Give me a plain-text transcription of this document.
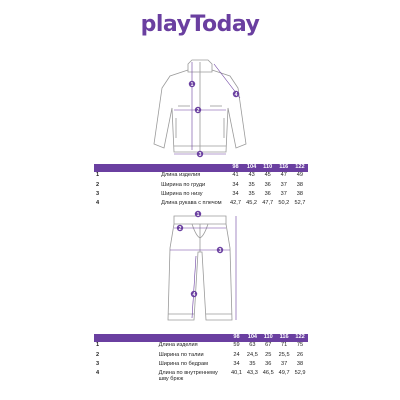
playToday
1
2
3
4
		98	104	110	116	122
1	Длина изделия	41	43	45	47	49
2	Ширина по груди	34	35	36	37	38
3	Ширина по низу	34	35	36	37	38
4	Длина рукава с плечом	42,7	45,2	47,7	50,2	52,7
1
2
3
4
		98	104	110	116	122
1	Длина изделия	59	63	67	71	75
2	Ширина по талии	24	24,5	25	25,5	26
3	Ширина по бедрам	34	35	36	37	38
4	Длина по внутреннему шву брюк	40,1	43,3	46,5	49,7	52,9
